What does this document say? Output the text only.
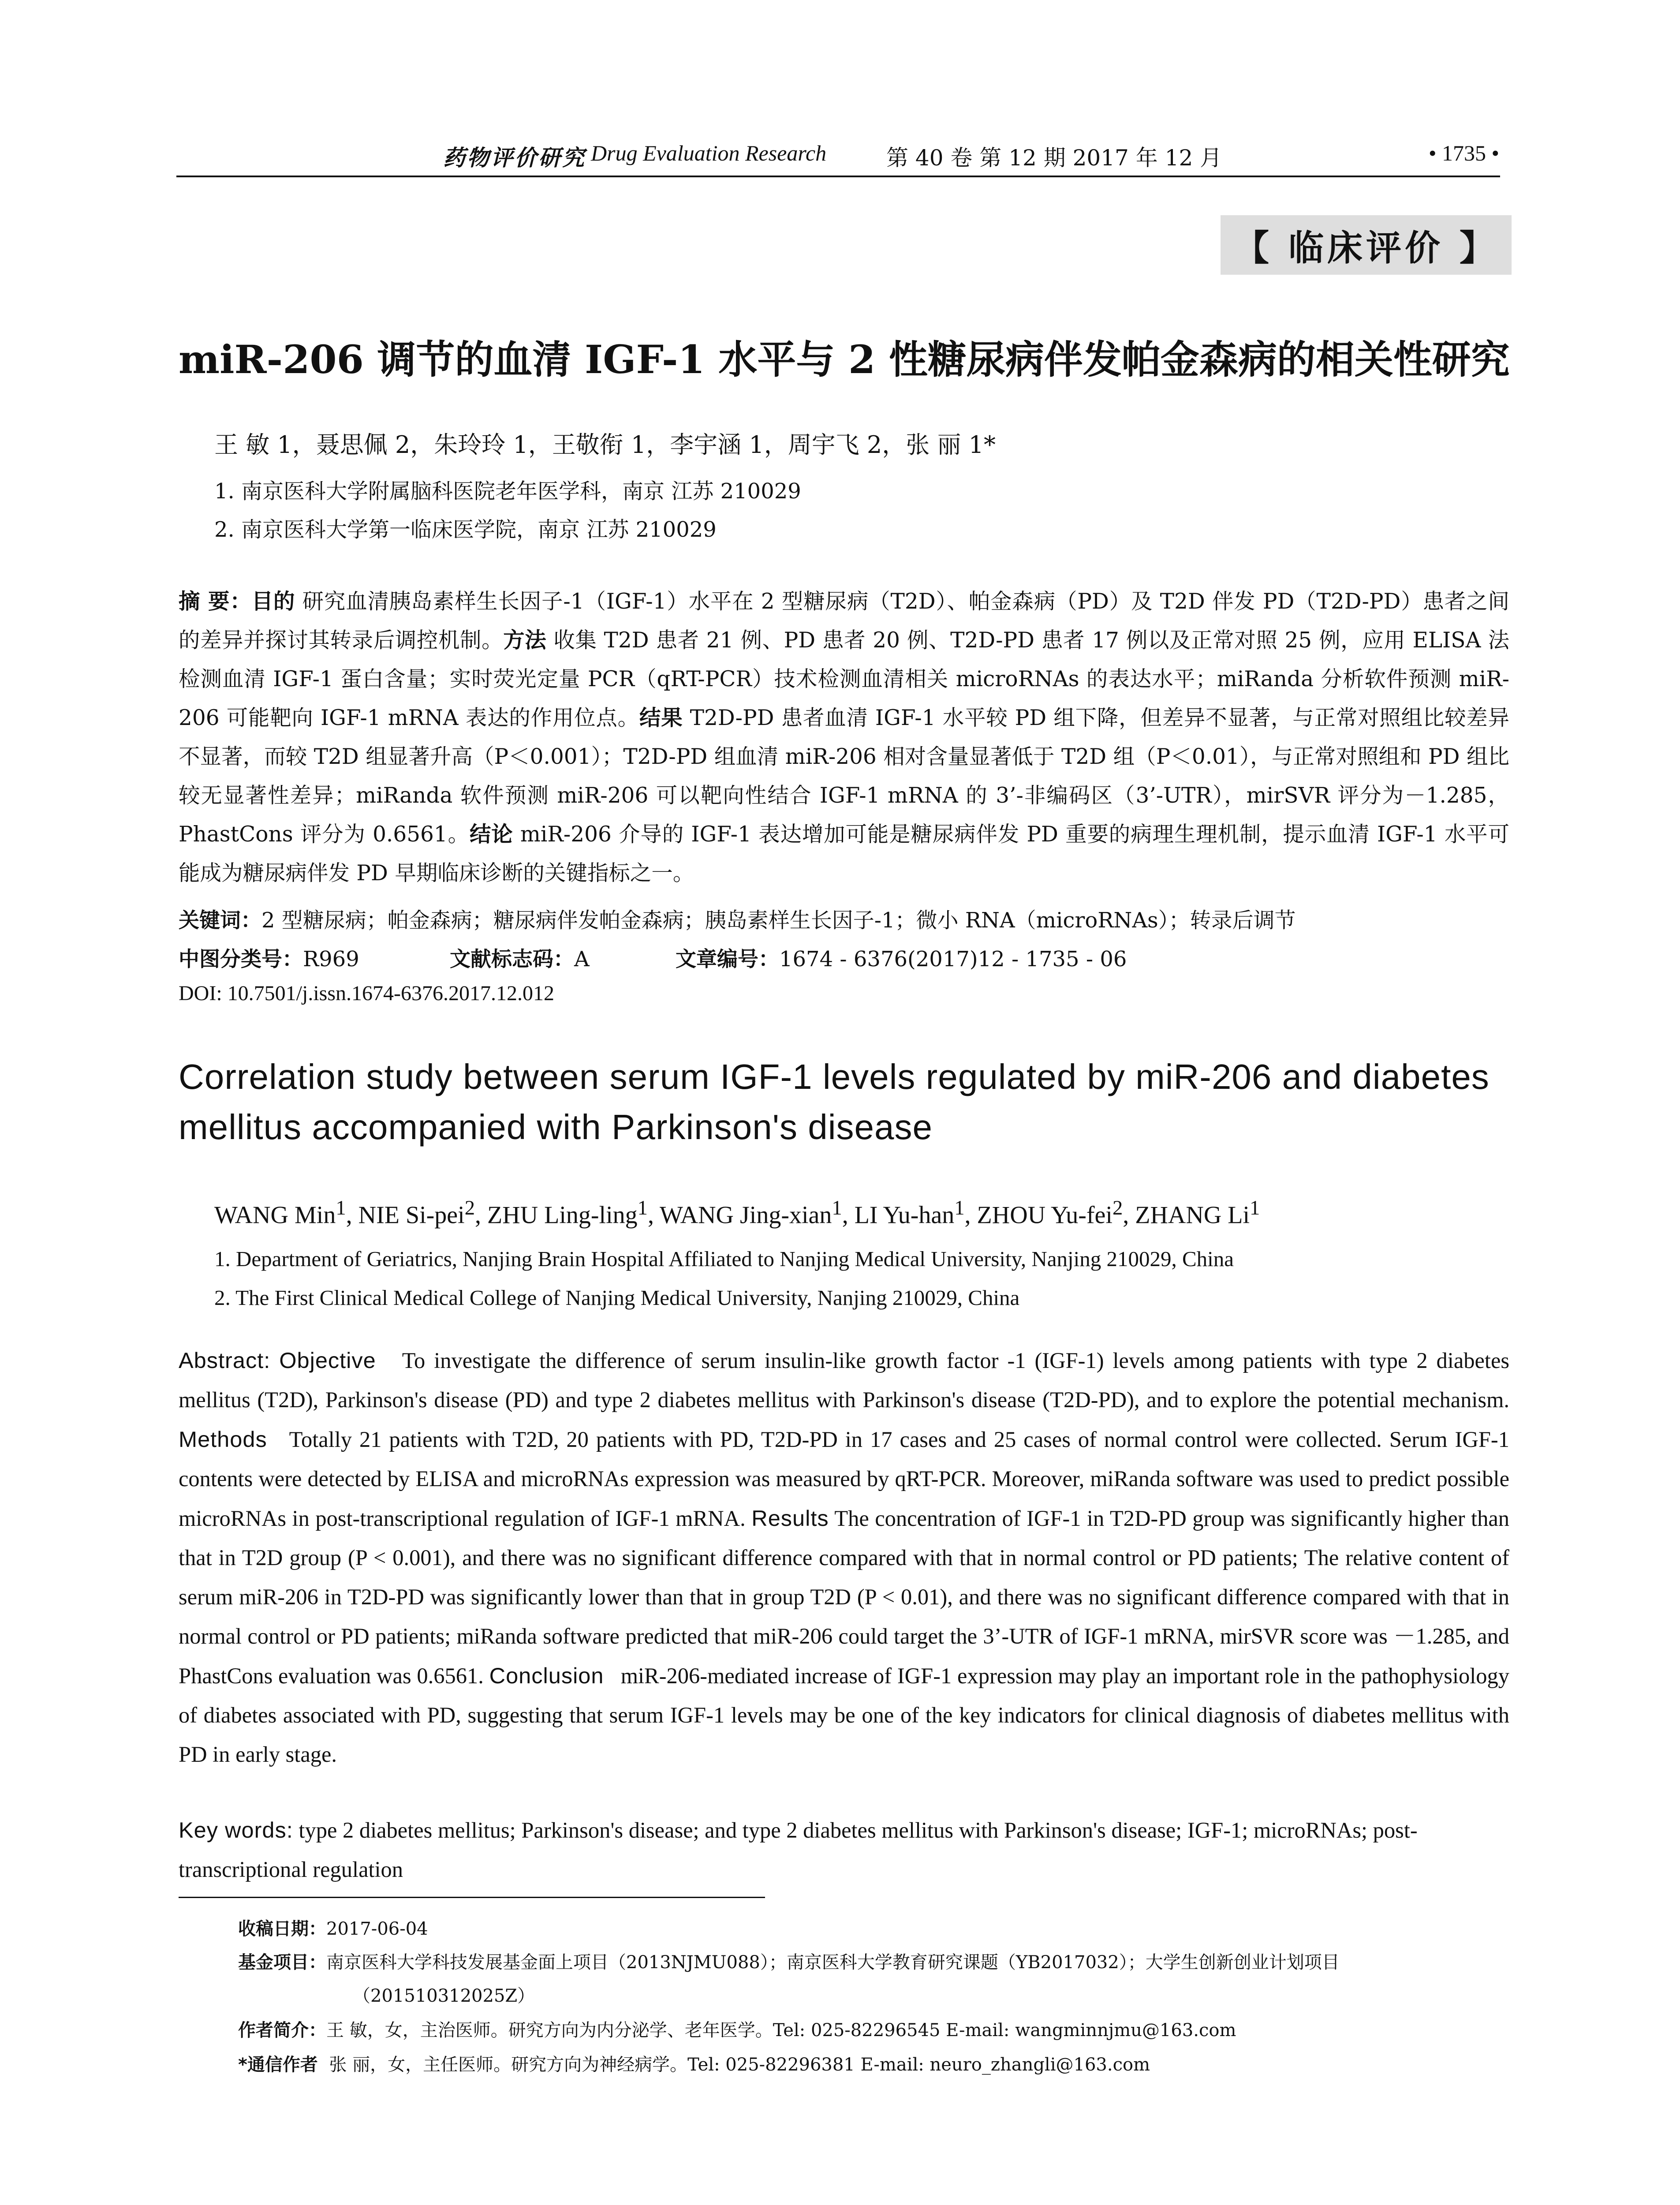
药物评价研究 Drug Evaluation Research	第 40 卷 第 12 期 2017 年 12 月	• 1735 •
【 临床评价 】
miR-206 调节的血清 IGF-1 水平与 2 性糖尿病伴发帕金森病的相关性研究
王 敏 1，聂思佩 2，朱玲玲 1，王敬衔 1，李宇涵 1，周宇飞 2，张 丽 1*
1. 南京医科大学附属脑科医院老年医学科，南京 江苏 210029
2. 南京医科大学第一临床医学院，南京 江苏 210029
摘 要：目的 研究血清胰岛素样生长因子-1（IGF-1）水平在 2 型糖尿病（T2D）、帕金森病（PD）及 T2D 伴发 PD（T2D-PD）患者之间的差异并探讨其转录后调控机制。方法 收集 T2D 患者 21 例、PD 患者 20 例、T2D-PD 患者 17 例以及正常对照 25 例，应用 ELISA 法检测血清 IGF-1 蛋白含量；实时荧光定量 PCR（qRT-PCR）技术检测血清相关 microRNAs 的表达水平；miRanda 分析软件预测 miR-206 可能靶向 IGF-1 mRNA 表达的作用位点。结果 T2D-PD 患者血清 IGF-1 水平较 PD 组下降，但差异不显著，与正常对照组比较差异不显著，而较 T2D 组显著升高（P＜0.001）；T2D-PD 组血清 miR-206 相对含量显著低于 T2D 组（P＜0.01），与正常对照组和 PD 组比较无显著性差异；miRanda 软件预测 miR-206 可以靶向性结合 IGF-1 mRNA 的 3’-非编码区（3’-UTR），mirSVR 评分为－1.285，PhastCons 评分为 0.6561。结论 miR-206 介导的 IGF-1 表达增加可能是糖尿病伴发 PD 重要的病理生理机制，提示血清 IGF-1 水平可能成为糖尿病伴发 PD 早期临床诊断的关键指标之一。
关键词：2 型糖尿病；帕金森病；糖尿病伴发帕金森病；胰岛素样生长因子-1；微小 RNA（microRNAs）；转录后调节
中图分类号：R969	文献标志码：A	文章编号：1674 - 6376(2017)12 - 1735 - 06
DOI: 10.7501/j.issn.1674-6376.2017.12.012
Correlation study between serum IGF-1 levels regulated by miR-206 and diabetes mellitus accompanied with Parkinson's disease
WANG Min$^1$, NIE Si-pei$^2$, ZHU Ling-ling$^1$, WANG Jing-xian$^1$, LI Yu-han$^1$, ZHOU Yu-fei$^2$, ZHANG Li$^1$
1. Department of Geriatrics, Nanjing Brain Hospital Affiliated to Nanjing Medical University, Nanjing 210029, China
2. The First Clinical Medical College of Nanjing Medical University, Nanjing 210029, China
Abstract: Objective To investigate the difference of serum insulin-like growth factor -1 (IGF-1) levels among patients with type 2 diabetes mellitus (T2D), Parkinson's disease (PD) and type 2 diabetes mellitus with Parkinson's disease (T2D-PD), and to explore the potential mechanism. Methods Totally 21 patients with T2D, 20 patients with PD, T2D-PD in 17 cases and 25 cases of normal control were collected. Serum IGF-1 contents were detected by ELISA and microRNAs expression was measured by qRT-PCR. Moreover, miRanda software was used to predict possible microRNAs in post-transcriptional regulation of IGF-1 mRNA. Results The concentration of IGF-1 in T2D-PD group was significantly higher than that in T2D group (P < 0.001), and there was no significant difference compared with that in normal control or PD patients; The relative content of serum miR-206 in T2D-PD was significantly lower than that in group T2D (P < 0.01), and there was no significant difference compared with that in normal control or PD patients; miRanda software predicted that miR-206 could target the 3’-UTR of IGF-1 mRNA, mirSVR score was －1.285, and PhastCons evaluation was 0.6561. Conclusion miR-206-mediated increase of IGF-1 expression may play an important role in the pathophysiology of diabetes associated with PD, suggesting that serum IGF-1 levels may be one of the key indicators for clinical diagnosis of diabetes mellitus with PD in early stage.
Key words: type 2 diabetes mellitus; Parkinson's disease; and type 2 diabetes mellitus with Parkinson's disease; IGF-1; microRNAs; post-transcriptional regulation
收稿日期：2017-06-04
基金项目：南京医科大学科技发展基金面上项目（2013NJMU088）；南京医科大学教育研究课题（YB2017032）；大学生创新创业计划项目
（201510312025Z）
作者简介：王 敏，女，主治医师。研究方向为内分泌学、老年医学。Tel: 025-82296545 E-mail: wangminnjmu@163.com
*通信作者 张 丽，女，主任医师。研究方向为神经病学。Tel: 025-82296381 E-mail: neuro_zhangli@163.com
